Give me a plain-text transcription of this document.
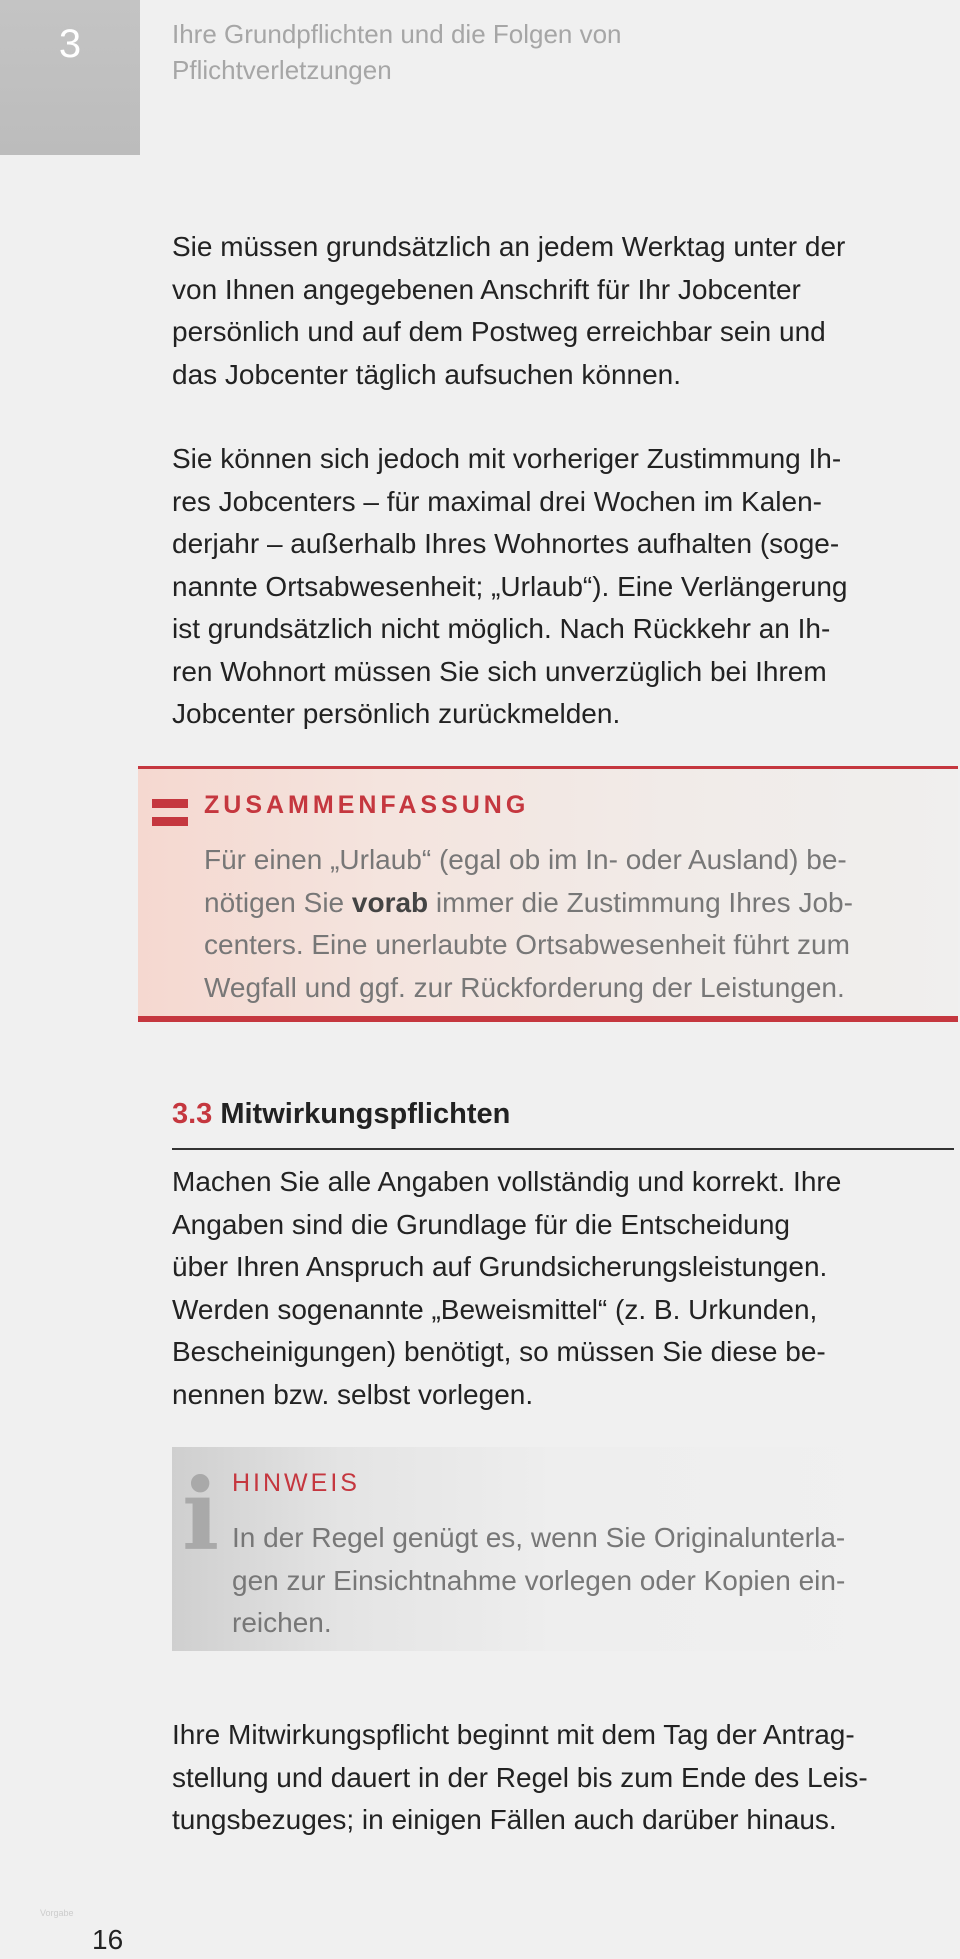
3	Ihre Grundpflichten und die Folgen von
Pflichtverletzungen

Sie müssen grundsätzlich an jedem Werktag unter der
von Ihnen angegebenen Anschrift für Ihr Jobcenter
persönlich und auf dem Postweg erreichbar sein und
das Jobcenter täglich aufsuchen können.

Sie können sich jedoch mit vorheriger Zustimmung Ih-
res Jobcenters – für maximal drei Wochen im Kalen-
derjahr – außerhalb Ihres Wohnortes aufhalten (soge-
nannte Ortsabwesenheit; „Urlaub“). Eine Verlängerung
ist grundsätzlich nicht möglich. Nach Rückkehr an Ih-
ren Wohnort müssen Sie sich unverzüglich bei Ihrem
Jobcenter persönlich zurückmelden.

ZUSAMMENFASSUNG

Für einen „Urlaub“ (egal ob im In- oder Ausland) be-
nötigen Sie vorab immer die Zustimmung Ihres Job-
centers. Eine unerlaubte Ortsabwesenheit führt zum
Wegfall und ggf. zur Rückforderung der Leistungen.

3.3 Mitwirkungspflichten

Machen Sie alle Angaben vollständig und korrekt. Ihre
Angaben sind die Grundlage für die Entscheidung
über Ihren Anspruch auf Grundsicherungsleistungen.
Werden sogenannte „Beweismittel“ (z. B. Urkunden,
Bescheinigungen) benötigt, so müssen Sie diese be-
nennen bzw. selbst vorlegen.

i HINWEIS

In der Regel genügt es, wenn Sie Originalunterla-
gen zur Einsichtnahme vorlegen oder Kopien ein-
reichen.

Ihre Mitwirkungspflicht beginnt mit dem Tag der Antrag-
stellung und dauert in der Regel bis zum Ende des Leis-
tungsbezuges; in einigen Fällen auch darüber hinaus.

Vorgabe
16
